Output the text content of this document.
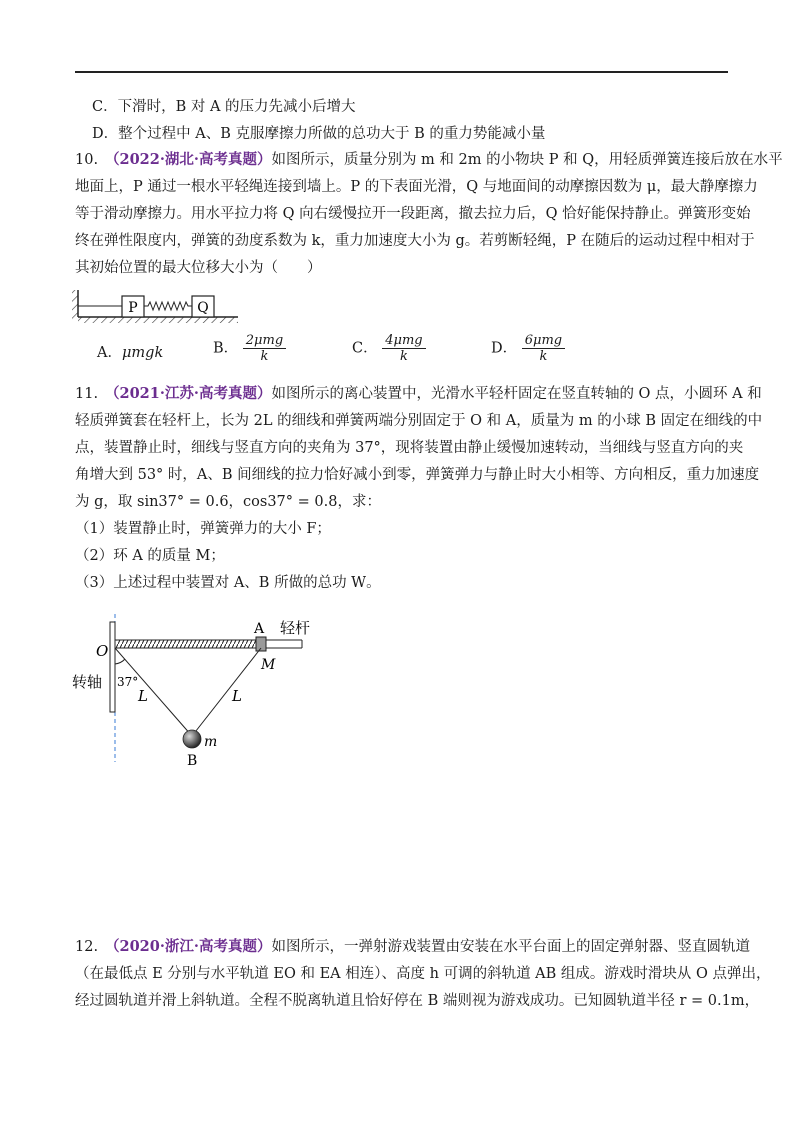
C．下滑时，B 对 A 的压力先减小后增大
D．整个过程中 A、B 克服摩擦力所做的总功大于 B 的重力势能减小量
10. （2022·湖北·高考真题）如图所示，质量分别为 m 和 2m 的小物块 P 和 Q，用轻质弹簧连接后放在水平
地面上，P 通过一根水平轻绳连接到墙上。P 的下表面光滑，Q 与地面间的动摩擦因数为 μ，最大静摩擦力
等于滑动摩擦力。用水平拉力将 Q 向右缓慢拉开一段距离，撤去拉力后，Q 恰好能保持静止。弹簧形变始
终在弹性限度内，弹簧的劲度系数为 k，重力加速度大小为 g。若剪断轻绳，P 在随后的运动过程中相对于
其初始位置的最大位移大小为（　　）
P	Q
A．μmgk	B． $\frac{\text{2μmg}}{k}$	C． $\frac{\text{4μmg}}{k}$	D． $\frac{\text{6μmg}}{k}$
11. （2021·江苏·高考真题）如图所示的离心装置中，光滑水平轻杆固定在竖直转轴的 O 点，小圆环 A 和
轻质弹簧套在轻杆上，长为 2L 的细线和弹簧两端分别固定于 O 和 A，质量为 m 的小球 B 固定在细线的中
点，装置静止时，细线与竖直方向的夹角为 37°，现将装置由静止缓慢加速转动，当细线与竖直方向的夹
角增大到 53° 时，A、B 间细线的拉力恰好减小到零，弹簧弹力与静止时大小相等、方向相反，重力加速度
为 g，取 sin37° = 0.6，cos37° = 0.8，求：
（1）装置静止时，弹簧弹力的大小 F；
（2）环 A 的质量 M；
（3）上述过程中装置对 A、B 所做的总功 W。
O
转轴 37°
L	L
A 轻杆
M
m
B
12. （2020·浙江·高考真题）如图所示，一弹射游戏装置由安装在水平台面上的固定弹射器、竖直圆轨道
（在最低点 E 分别与水平轨道 EO 和 EA 相连）、高度 h 可调的斜轨道 AB 组成。游戏时滑块从 O 点弹出，
经过圆轨道并滑上斜轨道。全程不脱离轨道且恰好停在 B 端则视为游戏成功。已知圆轨道半径 r = 0.1m，
